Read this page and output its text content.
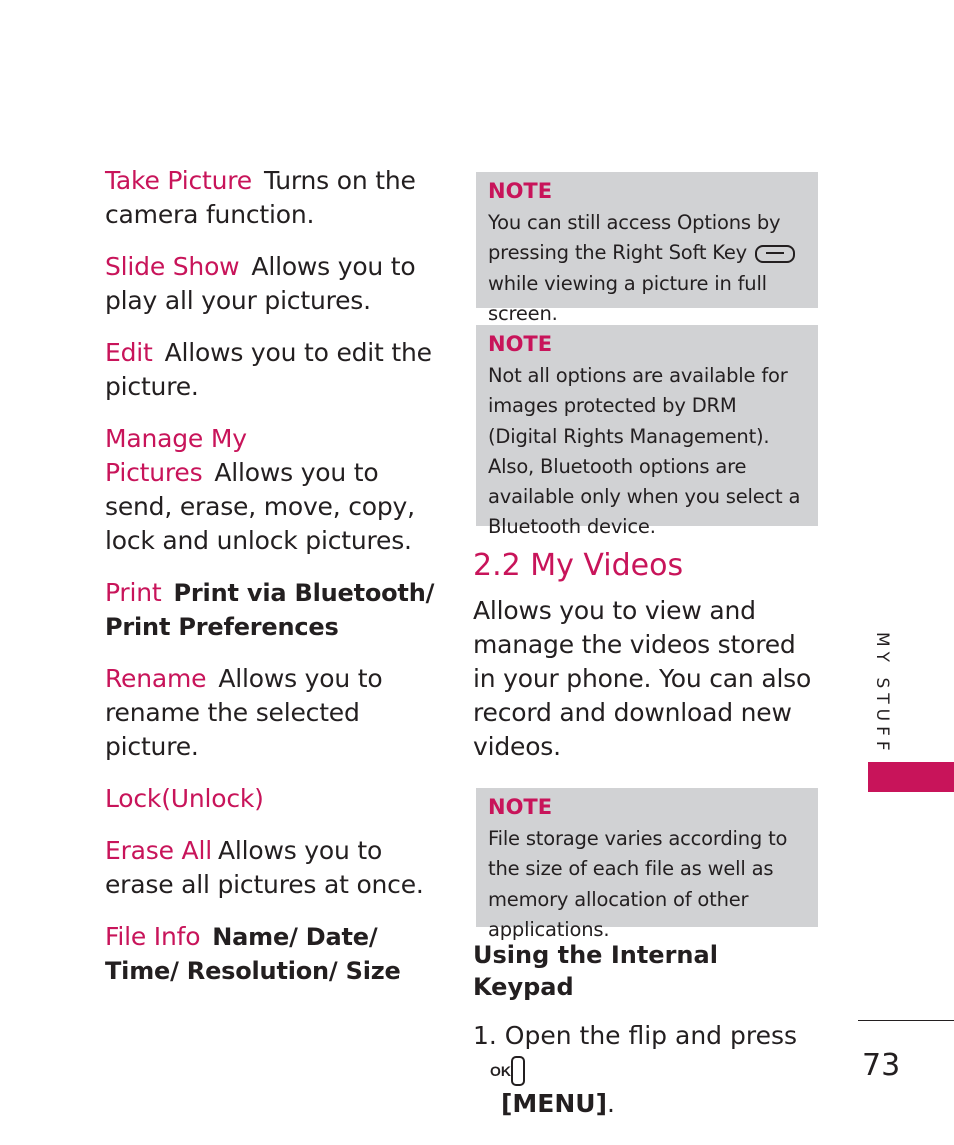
Take Picture Turns on the camera function.

Slide Show Allows you to play all your pictures.

Edit Allows you to edit the picture.

Manage My Pictures Allows you to send, erase, move, copy, lock and unlock pictures.

Print Print via Bluetooth/ Print Preferences

Rename Allows you to rename the selected picture.

Lock(Unlock)

Erase All Allows you to erase all pictures at once.

File Info Name/ Date/ Time/ Resolution/ Size

NOTE
You can still access Options by pressing the Right Soft Key while viewing a picture in full screen.
NOTE
Not all options are available for images protected by DRM (Digital Rights Management). Also, Bluetooth options are available only when you select a Bluetooth device.
2.2 My Videos
Allows you to view and manage the videos stored in your phone. You can also record and download new videos.
NOTE
File storage varies according to the size of each file as well as memory allocation of other applications.
Using the Internal Keypad
1. Open the flip and pressOK
[MENU].
MY STUFF
73
